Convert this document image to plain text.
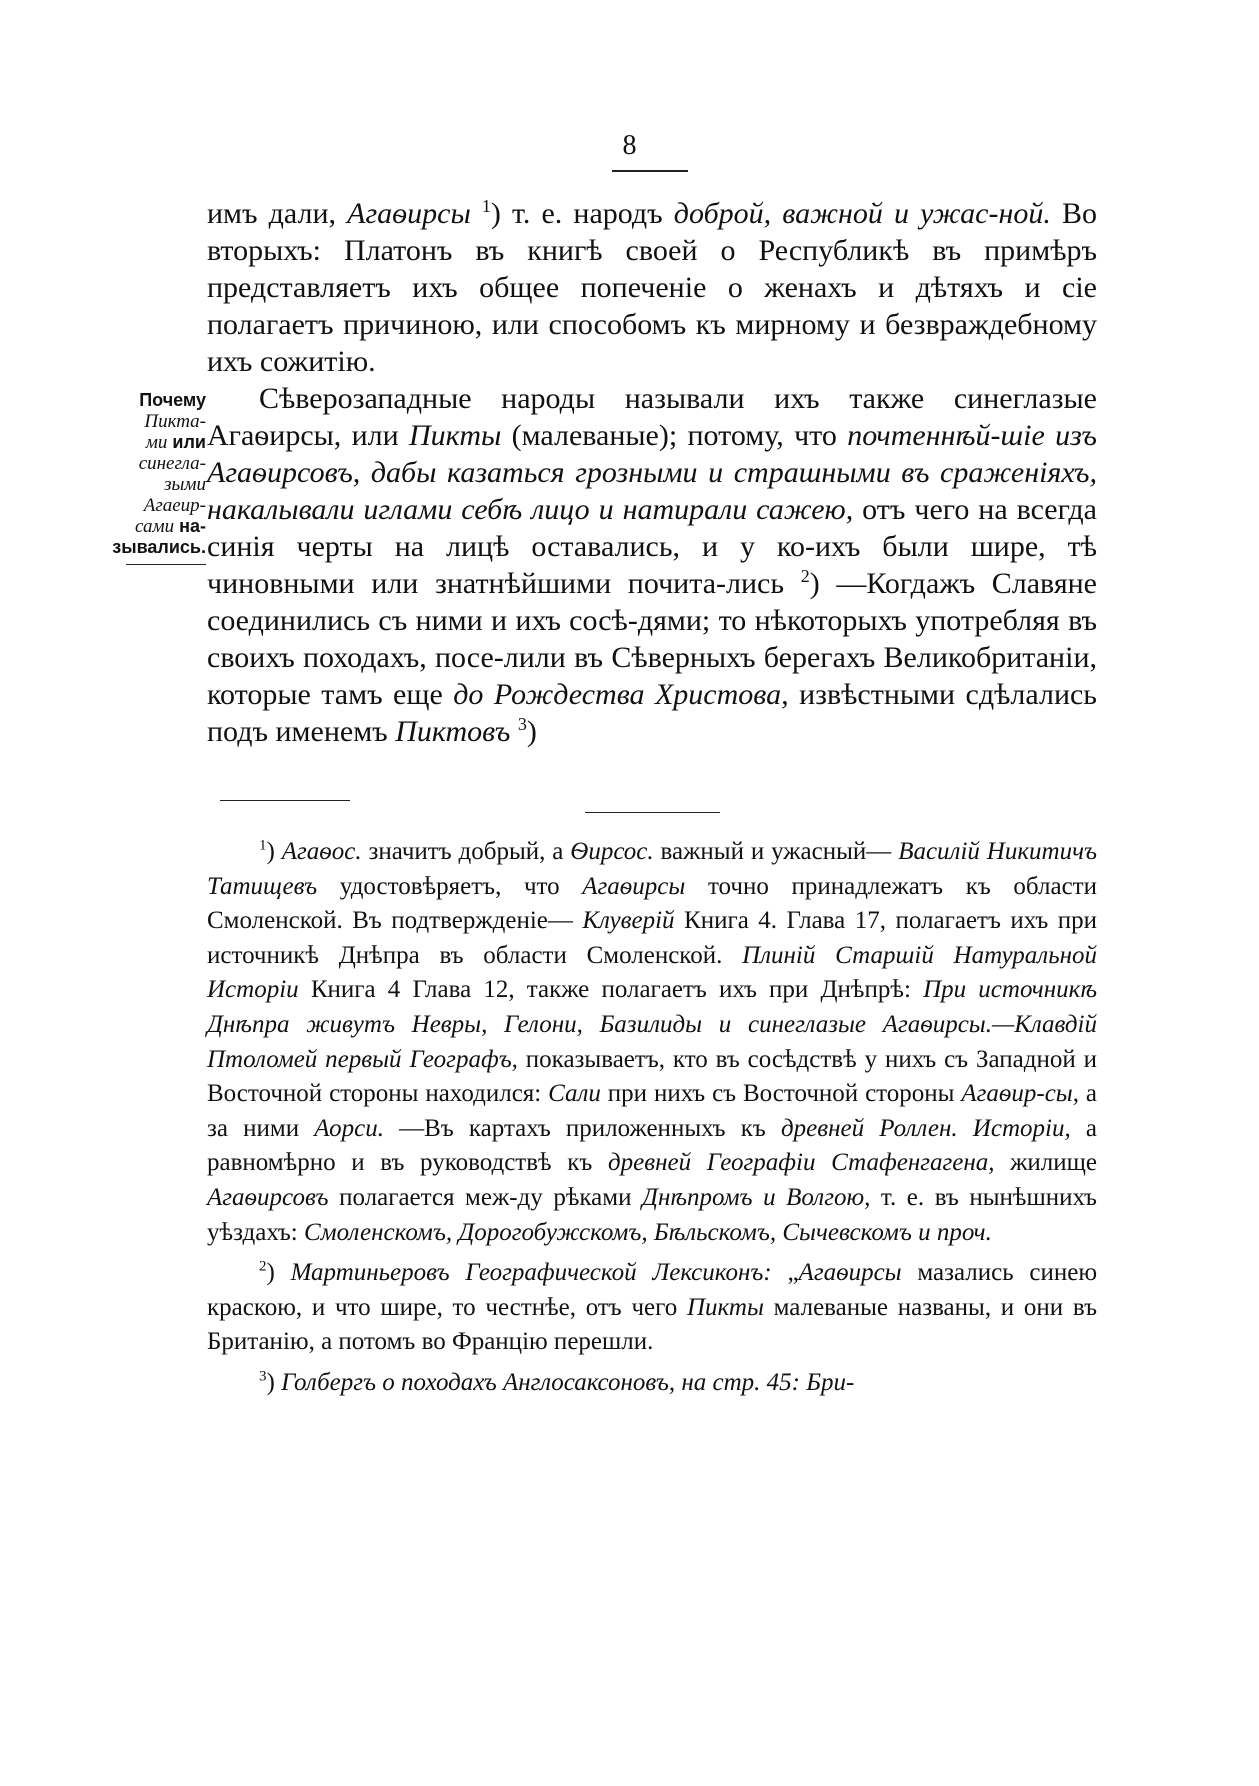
8
Почему
Пикта-
ми или
синегла-
зыми
Агаеир-
сами на-
зывались.

имъ дали, Агаѳирсы $^1$) т. е. народъ доброй, важной и ужас-ной. Во вторыхъ: Платонъ въ книгѣ своей о Республикѣ въ примѣръ представляетъ ихъ общее попеченіе о женахъ и дѣтяхъ и сіе полагаетъ причиною, или способомъ къ мирному и безвраждебному ихъ сожитію.

Сѣверозападные народы называли ихъ также синеглазые Агаѳирсы, или Пикты (малеваные); потому, что почтеннѣй-шіе изъ Агаѳирсовъ, дабы казаться грозными и страшными въ сраженіяхъ, накалывали иглами себѣ лицо и натирали сажею, отъ чего на всегда синія черты на лицѣ оставались, и у ко-ихъ были шире, тѣ чиновными или знатнѣйшими почита-лись $^2$) —Когдажъ Славяне соединились съ ними и ихъ сосѣ-дями; то нѣкоторыхъ употребляя въ своихъ походахъ, посе-лили въ Сѣверныхъ берегахъ Великобританіи, которые тамъ еще до Рождества Христова, извѣстными сдѣлались подъ именемъ Пиктовъ $^3$)

$^1$) Агаѳос. значитъ добрый, а Ѳирсос. важный и ужасный— Василій Никитичъ Татищевъ удостовѣряетъ, что Агаѳирсы точно принадлежатъ къ области Смоленской. Въ подтвержденіе— Клуверій Книга 4. Глава 17, полагаетъ ихъ при источникѣ Днѣпра въ области Смоленской. Плиній Старшій Натуральной Исторіи Книга 4 Глава 12, также полагаетъ ихъ при Днѣпрѣ: При источникѣ Днѣпра живутъ Невры, Гелони, Базилиды и синеглазые Агаѳирсы.—Клавдій Птоломей первый Географъ, показываетъ, кто въ сосѣдствѣ у нихъ съ Западной и Восточной стороны находился: Сали при нихъ съ Восточной стороны Агаѳир-сы, а за ними Аорси. —Въ картахъ приложенныхъ къ древней Роллен. Исторіи, а равномѣрно и въ руководствѣ къ древней Географіи Стафенгагена, жилище Агаѳирсовъ полагается меж-ду рѣками Днѣпромъ и Волгою, т. е. въ нынѣшнихъ уѣздахъ: Смоленскомъ, Дорогобужскомъ, Бѣльскомъ, Сычевскомъ и проч.

$^2$) Мартиньеровъ Географической Лексиконъ: „Агаѳирсы мазались синею краскою, и что шире, то честнѣе, отъ чего Пикты малеваные названы, и они въ Британію, а потомъ во Францію перешли.

$^3$) Голбергъ о походахъ Англосаксоновъ, на стр. 45: Бри-
